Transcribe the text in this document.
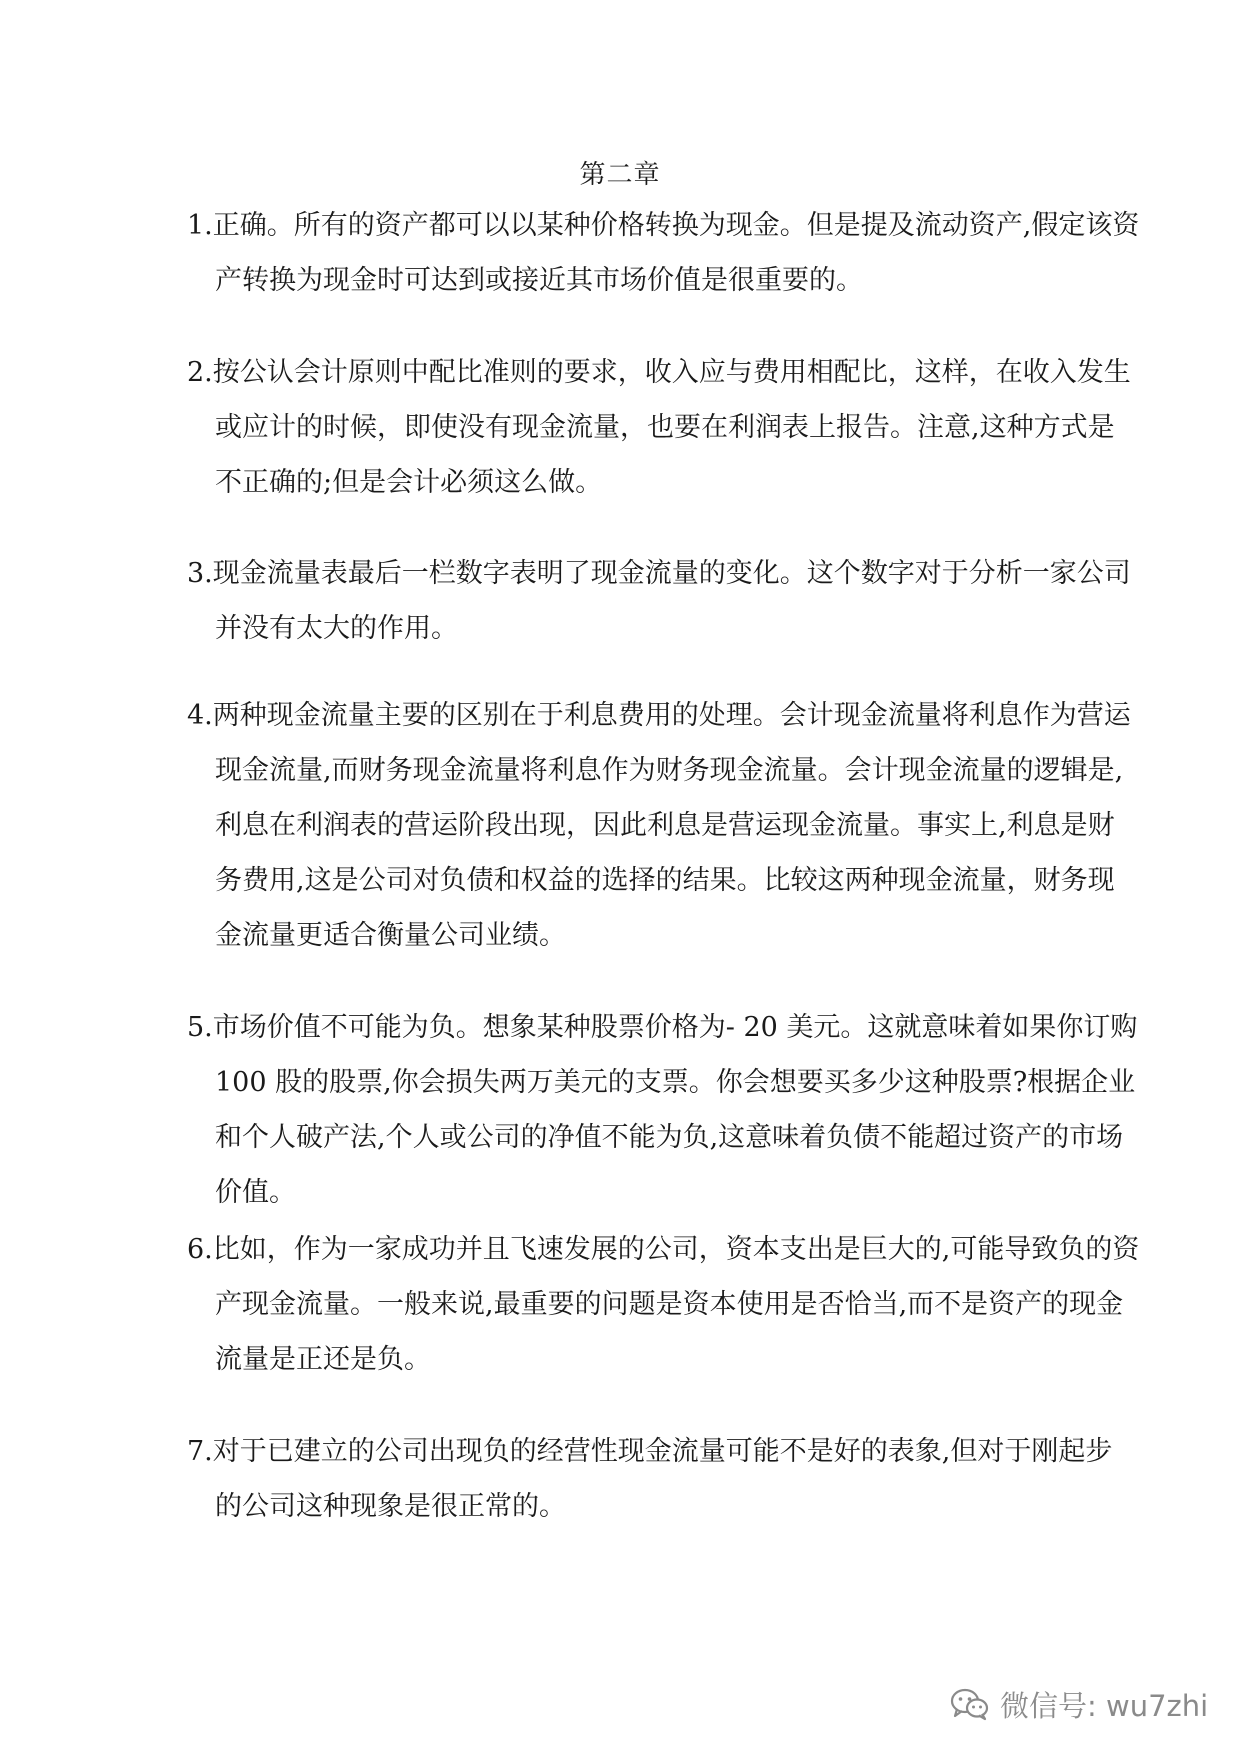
第二章
1.正确。所有的资产都可以以某种价格转换为现金。但是提及流动资产,假定该资
产转换为现金时可达到或接近其市场价值是很重要的。
2.按公认会计原则中配比准则的要求，收入应与费用相配比，这样，在收入发生
或应计的时候，即使没有现金流量，也要在利润表上报告。注意,这种方式是
不正确的;但是会计必须这么做。
3.现金流量表最后一栏数字表明了现金流量的变化。这个数字对于分析一家公司
并没有太大的作用。
4.两种现金流量主要的区别在于利息费用的处理。会计现金流量将利息作为营运
现金流量,而财务现金流量将利息作为财务现金流量。会计现金流量的逻辑是,
利息在利润表的营运阶段出现，因此利息是营运现金流量。事实上,利息是财
务费用,这是公司对负债和权益的选择的结果。比较这两种现金流量，财务现
金流量更适合衡量公司业绩。
5.市场价值不可能为负。想象某种股票价格为- 20 美元。这就意味着如果你订购
100 股的股票,你会损失两万美元的支票。你会想要买多少这种股票?根据企业
和个人破产法,个人或公司的净值不能为负,这意味着负债不能超过资产的市场
价值。
6.比如，作为一家成功并且飞速发展的公司，资本支出是巨大的,可能导致负的资
产现金流量。一般来说,最重要的问题是资本使用是否恰当,而不是资产的现金
流量是正还是负。
7.对于已建立的公司出现负的经营性现金流量可能不是好的表象,但对于刚起步
的公司这种现象是很正常的。
微信号: wu7zhi
